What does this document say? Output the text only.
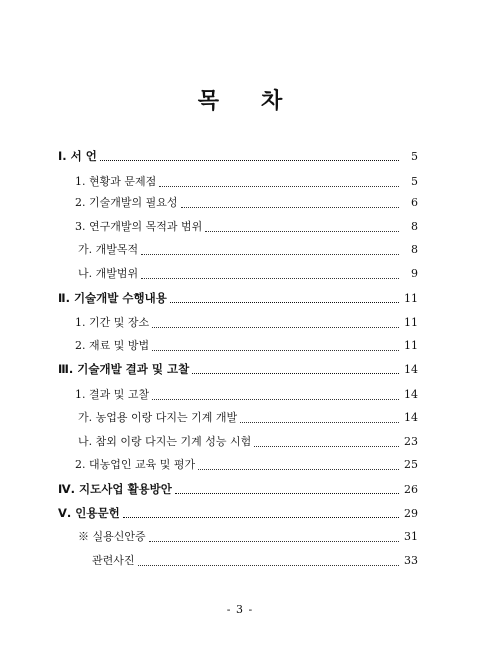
목 차
Ⅰ. 서 언	5
1. 현황과 문제점	5
2. 기술개발의 필요성	6
3. 연구개발의 목적과 범위	8
가. 개발목적	8
나. 개발범위	9
Ⅱ. 기술개발 수행내용	11
1. 기간 및 장소	11
2. 재료 및 방법	11
Ⅲ. 기술개발 결과 및 고찰	14
1. 결과 및 고찰	14
가. 농업용 이랑 다지는 기계 개발	14
나. 참외 이랑 다지는 기계 성능 시험	23
2. 대농업인 교육 및 평가	25
Ⅳ. 지도사업 활용방안	26
Ⅴ. 인용문헌	29
※ 실용신안증	31
관련사진	33
- 3 -
